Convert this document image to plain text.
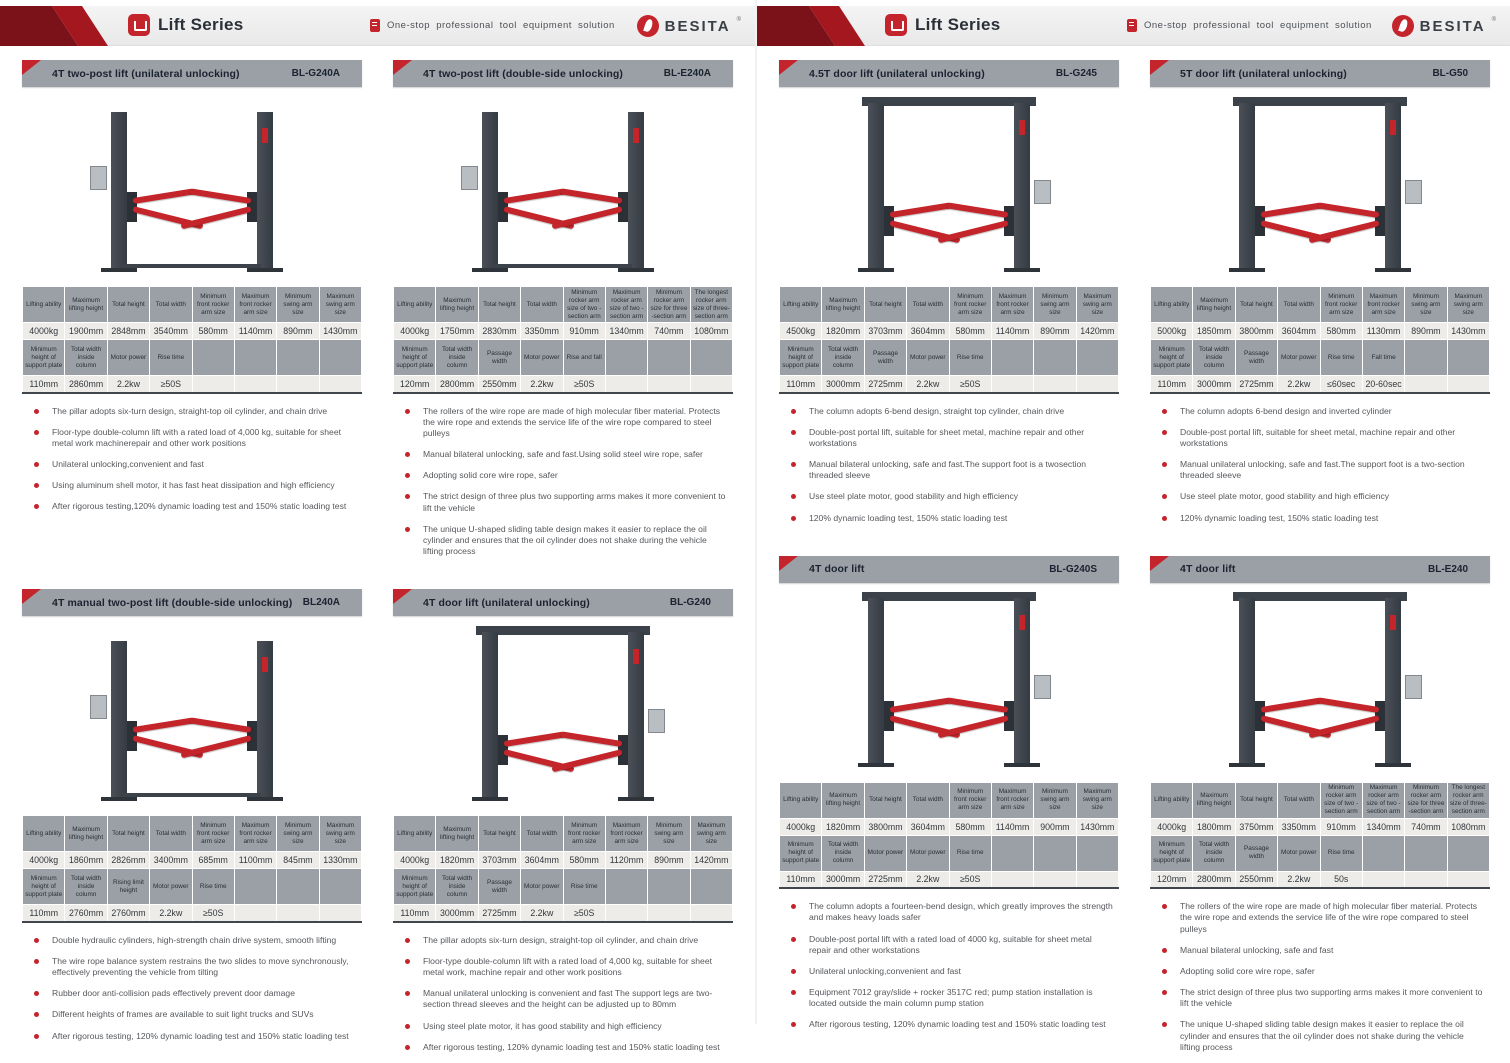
Lift Series	One-stop professional tool equipment solution	BESITA ®
4T two-post lift (unilateral unlocking)	BL-G240A
Lifting ability	Maximum lifting height	Total height	Total width	Minimum front rocker arm size	Maximum front rocker arm size	Minimum swing arm size	Maximum swing arm size
4000kg	1900mm	2848mm	3540mm	580mm	1140mm	890mm	1430mm
Minimum height of support plate	Total width inside column	Motor power	Rise time				
110mm	2860mm	2.2kw	≥50S				
The pillar adopts six-turn design, straight-top oil cylinder, and chain drive
Floor-type double-column lift with a rated load of 4,000 kg, suitable for sheet metal work machinerepair and other work positions
Unilateral unlocking,convenient and fast
Using aluminum shell motor, it has fast heat dissipation and high efficiency
After rigorous testing,120% dynamic loading test and 150% static loading test
4T two-post lift (double-side unlocking)	BL-E240A
Lifting ability	Maximum lifting height	Total height	Total width	Minimum rocker arm size of two -section arm	Maximum rocker arm size of two -section arm	Minimum rocker arm size for three -section arm	The longest rocker arm size of three- section arm
4000kg	1750mm	2830mm	3350mm	910mm	1340mm	740mm	1080mm
Minimum height of support plate	Total width inside column	Passage width	Motor power	Rise and fall			
120mm	2800mm	2550mm	2.2kw	≥50S			
The rollers of the wire rope are made of high molecular fiber material. Protects the wire rope and extends the service life of the wire rope compared to steel pulleys
Manual bilateral unlocking, safe and fast.Using solid steel wire rope, safer
Adopting solid core wire rope, safer
The strict design of three plus two supporting arms makes it more convenient to lift the vehicle
The unique U-shaped sliding table design makes it easier to replace the oil cylinder and ensures that the oil cylinder does not shake during the vehicle lifting process
4T manual two-post lift (double-side unlocking) BL240A
Lifting ability	Maximum lifting height	Total height	Total width	Minimum front rocker arm size	Maximum front rocker arm size	Minimum swing arm size	Maximum swing arm size
4000kg	1860mm	2826mm	3400mm	685mm	1100mm	845mm	1330mm
Minimum height of support plate	Total width inside column	Rising limit height	Motor power	Rise time			
110mm	2760mm	2760mm	2.2kw	≥50S			
Double hydraulic cylinders, high-strength chain drive system, smooth lifting
The wire rope balance system restrains the two slides to move synchronously, effectively preventing the vehicle from tilting
Rubber door anti-collision pads effectively prevent door damage
Different heights of frames are available to suit light trucks and SUVs
After rigorous testing, 120% dynamic loading test and 150% static loading test
4T door lift (unilateral unlocking)	BL-G240
Lifting ability	Maximum lifting height	Total height	Total width	Minimum front rocker arm size	Maximum front rocker arm size	Minimum swing arm size	Maximum swing arm size
4000kg	1820mm	3703mm	3604mm	580mm	1120mm	890mm	1420mm
Minimum height of support plate	Total width inside column	Passage width	Motor power	Rise time			
110mm	3000mm	2725mm	2.2kw	≥50S			
The pillar adopts six-turn design, straight-top oil cylinder, and chain drive
Floor-type double-column lift with a rated load of 4,000 kg, suitable for sheet metal work, machine repair and other work positions
Manual unilateral unlocking is convenient and fast The support legs are two-section thread sleeves and the height can be adjusted up to 80mm
Using steel plate motor, it has good stability and high efficiency
After rigorous testing, 120% dynamic loading test and 150% static loading test
Lift Series	One-stop professional tool equipment solution	BESITA ®
4.5T door lift (unilateral unlocking)	BL-G245
Lifting ability	Maximum lifting height	Total height	Total width	Minimum front rocker arm size	Maximum front rocker arm size	Minimum swing arm size	Maximum swing arm size
4500kg	1820mm	3703mm	3604mm	580mm	1140mm	890mm	1420mm
Minimum height of support plate	Total width inside column	Passage width	Motor power	Rise time			
110mm	3000mm	2725mm	2.2kw	≥50S			
The column adopts 6-bend design, straight top cylinder, chain drive
Double-post portal lift, suitable for sheet metal, machine repair and other workstations
Manual bilateral unlocking, safe and fast.The support foot is a twosection threaded sleeve
Use steel plate motor, good stability and high efficiency
120% dynamic loading test, 150% static loading test
5T door lift (unilateral unlocking)	BL-G50
Lifting ability	Maximum lifting height	Total height	Total width	Minimum front rocker arm size	Maximum front rocker arm size	Minimum swing arm size	Maximum swing arm size
5000kg	1850mm	3800mm	3604mm	580mm	1130mm	890mm	1430mm
Minimum height of support plate	Total width inside column	Passage width	Motor power	Rise time	Fall time		
110mm	3000mm	2725mm	2.2kw	≤60sec	20-60sec		
The column adopts 6-bend design and inverted cylinder
Double-post portal lift, suitable for sheet metal, machine repair and other workstations
Manual unilateral unlocking, safe and fast.The support foot is a two-section threaded sleeve
Use steel plate motor, good stability and high efficiency
120% dynamic loading test, 150% static loading test
4T door lift	BL-G240S
Lifting ability	Maximum lifting height	Total height	Total width	Minimum front rocker arm size	Maximum front rocker arm size	Minimum swing arm size	Maximum swing arm size
4000kg	1820mm	3800mm	3604mm	580mm	1140mm	900mm	1430mm
Minimum height of support plate	Total width inside column	Motor power	Motor power	Rise time			
110mm	3000mm	2725mm	2.2kw	≥50S			
The column adopts a fourteen-bend design, which greatly improves the strength and makes heavy loads safer
Double-post portal lift with a rated load of 4000 kg, suitable for sheet metal repair and other workstations
Unilateral unlocking,convenient and fast
Equipment 7012 gray/slide + rocker 3517C red; pump station installation is located outside the main column pump station
After rigorous testing, 120% dynamic loading test and 150% static loading test
4T door lift	BL-E240
Lifting ability	Maximum lifting height	Total height	Total width	Minimum rocker arm size of two -section arm	Maximum rocker arm size of two -section arm	Minimum rocker arm size for three -section arm	The longest rocker arm size of three- section arm
4000kg	1800mm	3750mm	3350mm	910mm	1340mm	740mm	1080mm
Minimum height of support plate	Total width inside column	Passage width	Motor power	Rise time			
120mm	2800mm	2550mm	2.2kw	50s			
The rollers of the wire rope are made of high molecular fiber material. Protects the wire rope and extends the service life of the wire rope compared to steel pulleys
Manual bilateral unlocking, safe and fast
Adopting solid core wire rope, safer
The strict design of three plus two supporting arms makes it more convenient to lift the vehicle
The unique U-shaped sliding table design makes it easier to replace the oil cylinder and ensures that the oil cylinder does not shake during the vehicle lifting process
